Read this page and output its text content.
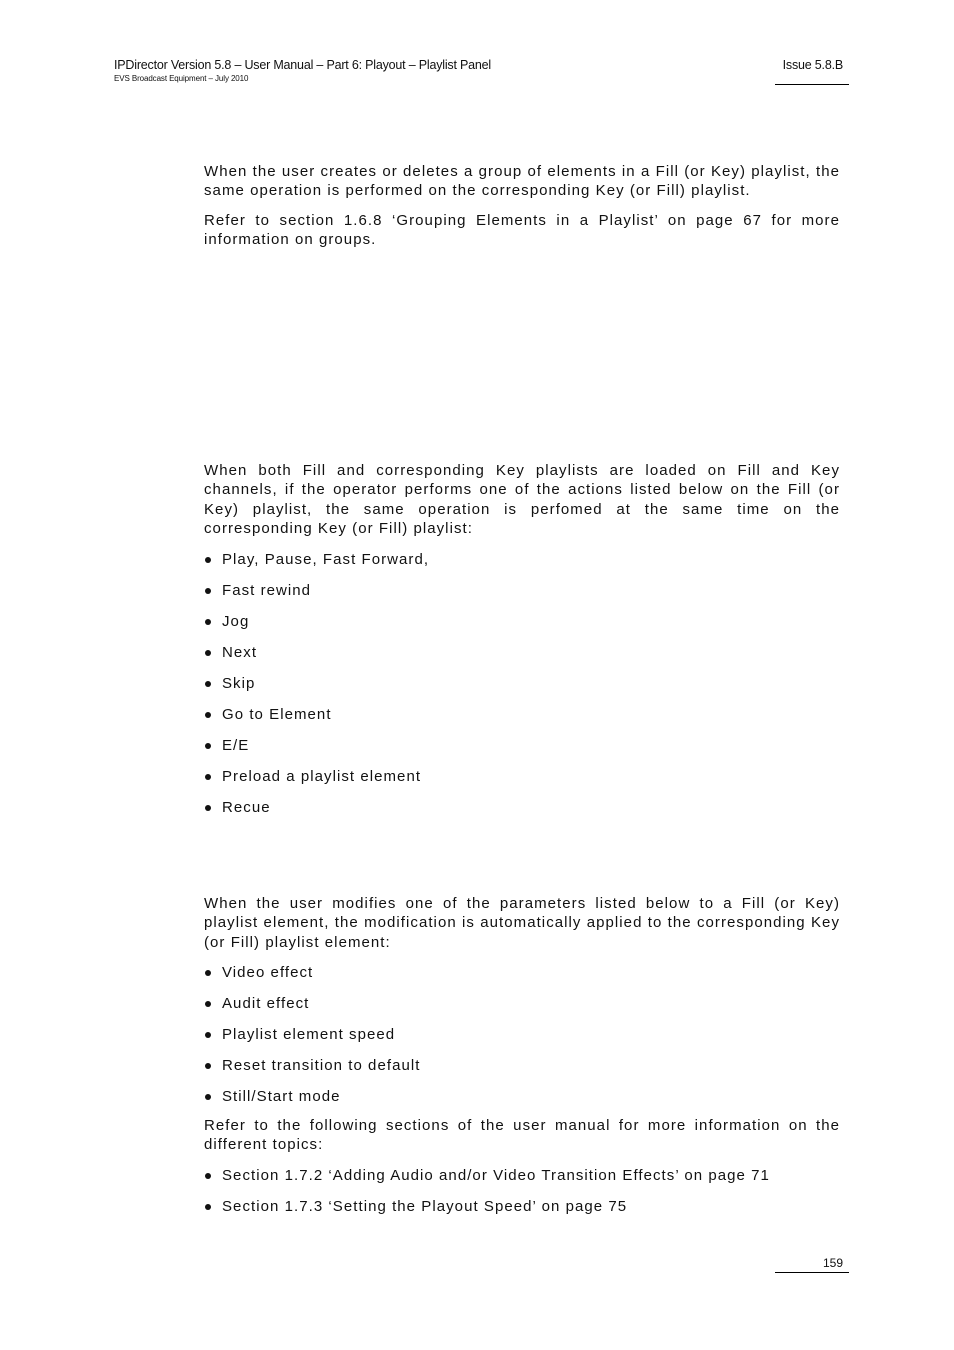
IPDirector Version 5.8 – User Manual – Part 6: Playout – Playlist Panel
EVS Broadcast Equipment – July 2010
Issue 5.8.B

When the user creates or deletes a group of elements in a Fill (or Key) playlist, the same operation is performed on the corresponding Key (or Fill) playlist.

Refer to section 1.6.8 ‘Grouping Elements in a Playlist’ on page 67 for more information on groups.

When both Fill and corresponding Key playlists are loaded on Fill and Key channels, if the operator performs one of the actions listed below on the Fill (or Key) playlist, the same operation is perfomed at the same time on the corresponding Key (or Fill) playlist:

Play, Pause, Fast Forward,
Fast rewind
Jog
Next
Skip
Go to Element
E/E
Preload a playlist element
Recue

When the user modifies one of the parameters listed below to a Fill (or Key) playlist element, the modification is automatically applied to the corresponding Key (or Fill) playlist element:

Video effect
Audit effect
Playlist element speed
Reset transition to default
Still/Start mode

Refer to the following sections of the user manual for more information on the different topics:

Section 1.7.2 ‘Adding Audio and/or Video Transition Effects’ on page 71
Section 1.7.3 ‘Setting the Playout Speed’ on page 75
159
